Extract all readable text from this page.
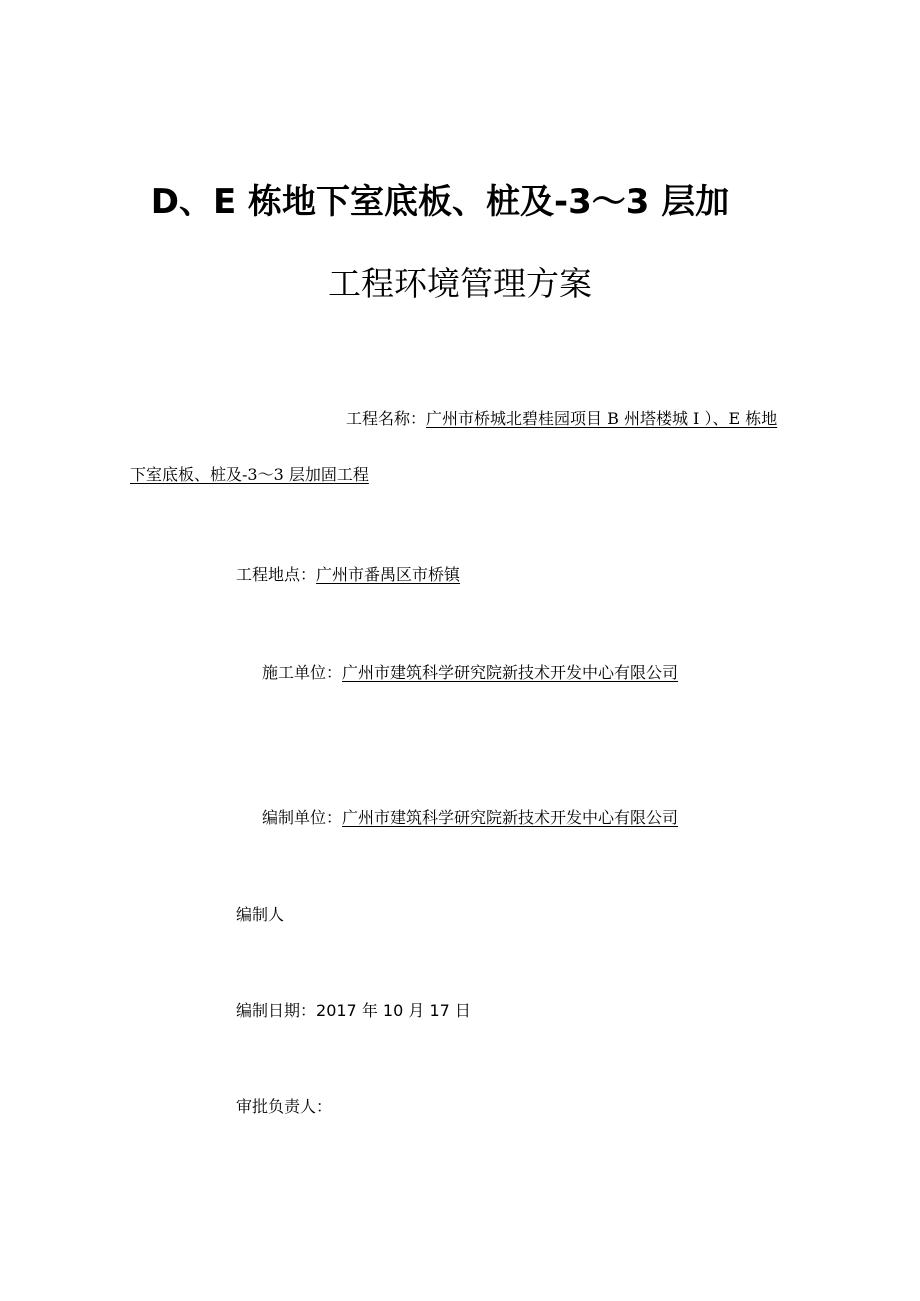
D、E 栋地下室底板、桩及-3～3 层加
工程环境管理方案
工程名称：广州市桥城北碧桂园项目 B 州塔楼城 I ）、E 栋地
下室底板、桩及-3～3 层加固工程
工程地点：广州市番禺区市桥镇
施工单位：广州市建筑科学研究院新技术开发中心有限公司
编制单位：广州市建筑科学研究院新技术开发中心有限公司
编制人
编制日期：2017 年 10 月 17 日
审批负责人：
